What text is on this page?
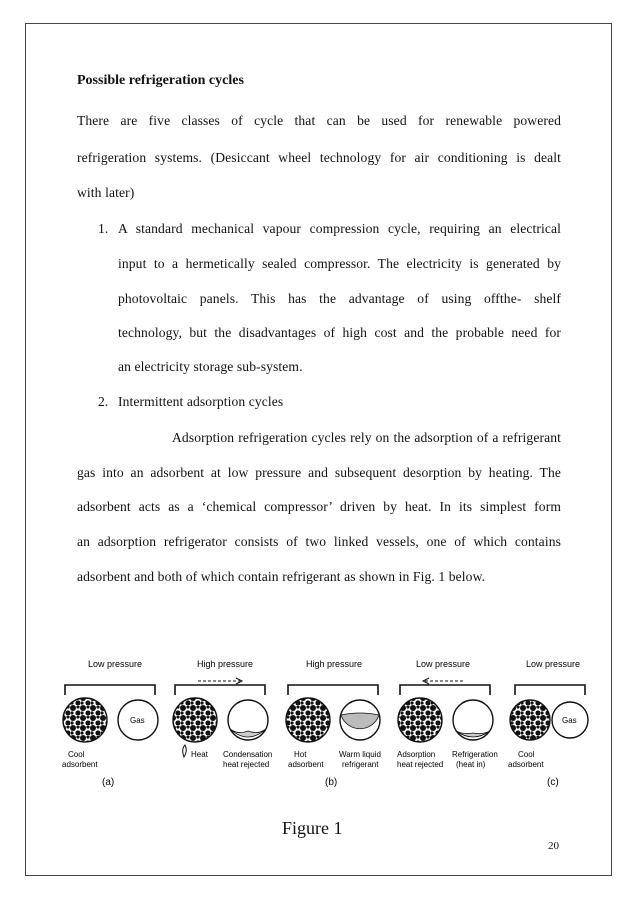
Possible refrigeration cycles
There are five classes of cycle that can be used for renewable powered
refrigeration systems. (Desiccant wheel technology for air conditioning is dealt
with later)
1. A standard mechanical vapour compression cycle, requiring an electrical
input to a hermetically sealed compressor. The electricity is generated by
photovoltaic panels. This has the advantage of using offthe- shelf
technology, but the disadvantages of high cost and the probable need for
an electricity storage sub-system.
2. Intermittent adsorption cycles
Adsorption refrigeration cycles rely on the adsorption of a refrigerant
gas into an adsorbent at low pressure and subsequent desorption by heating. The
adsorbent acts as a ‘chemical compressor’ driven by heat. In its simplest form
an adsorption refrigerator consists of two linked vessels, one of which contains
adsorbent and both of which contain refrigerant as shown in Fig. 1 below.
Low pressure	High pressure	High pressure	Low pressure	Low pressure
Gas
Cool
adsorbent
Heat Condensation
heat rejected
Hot
adsorbent
Warm liquid
refrigerant
Adsorption
heat rejected
Refrigeration
(heat in)
Gas
Cool
adsorbent
(a)	(b)	(c)
Figure 1
20
